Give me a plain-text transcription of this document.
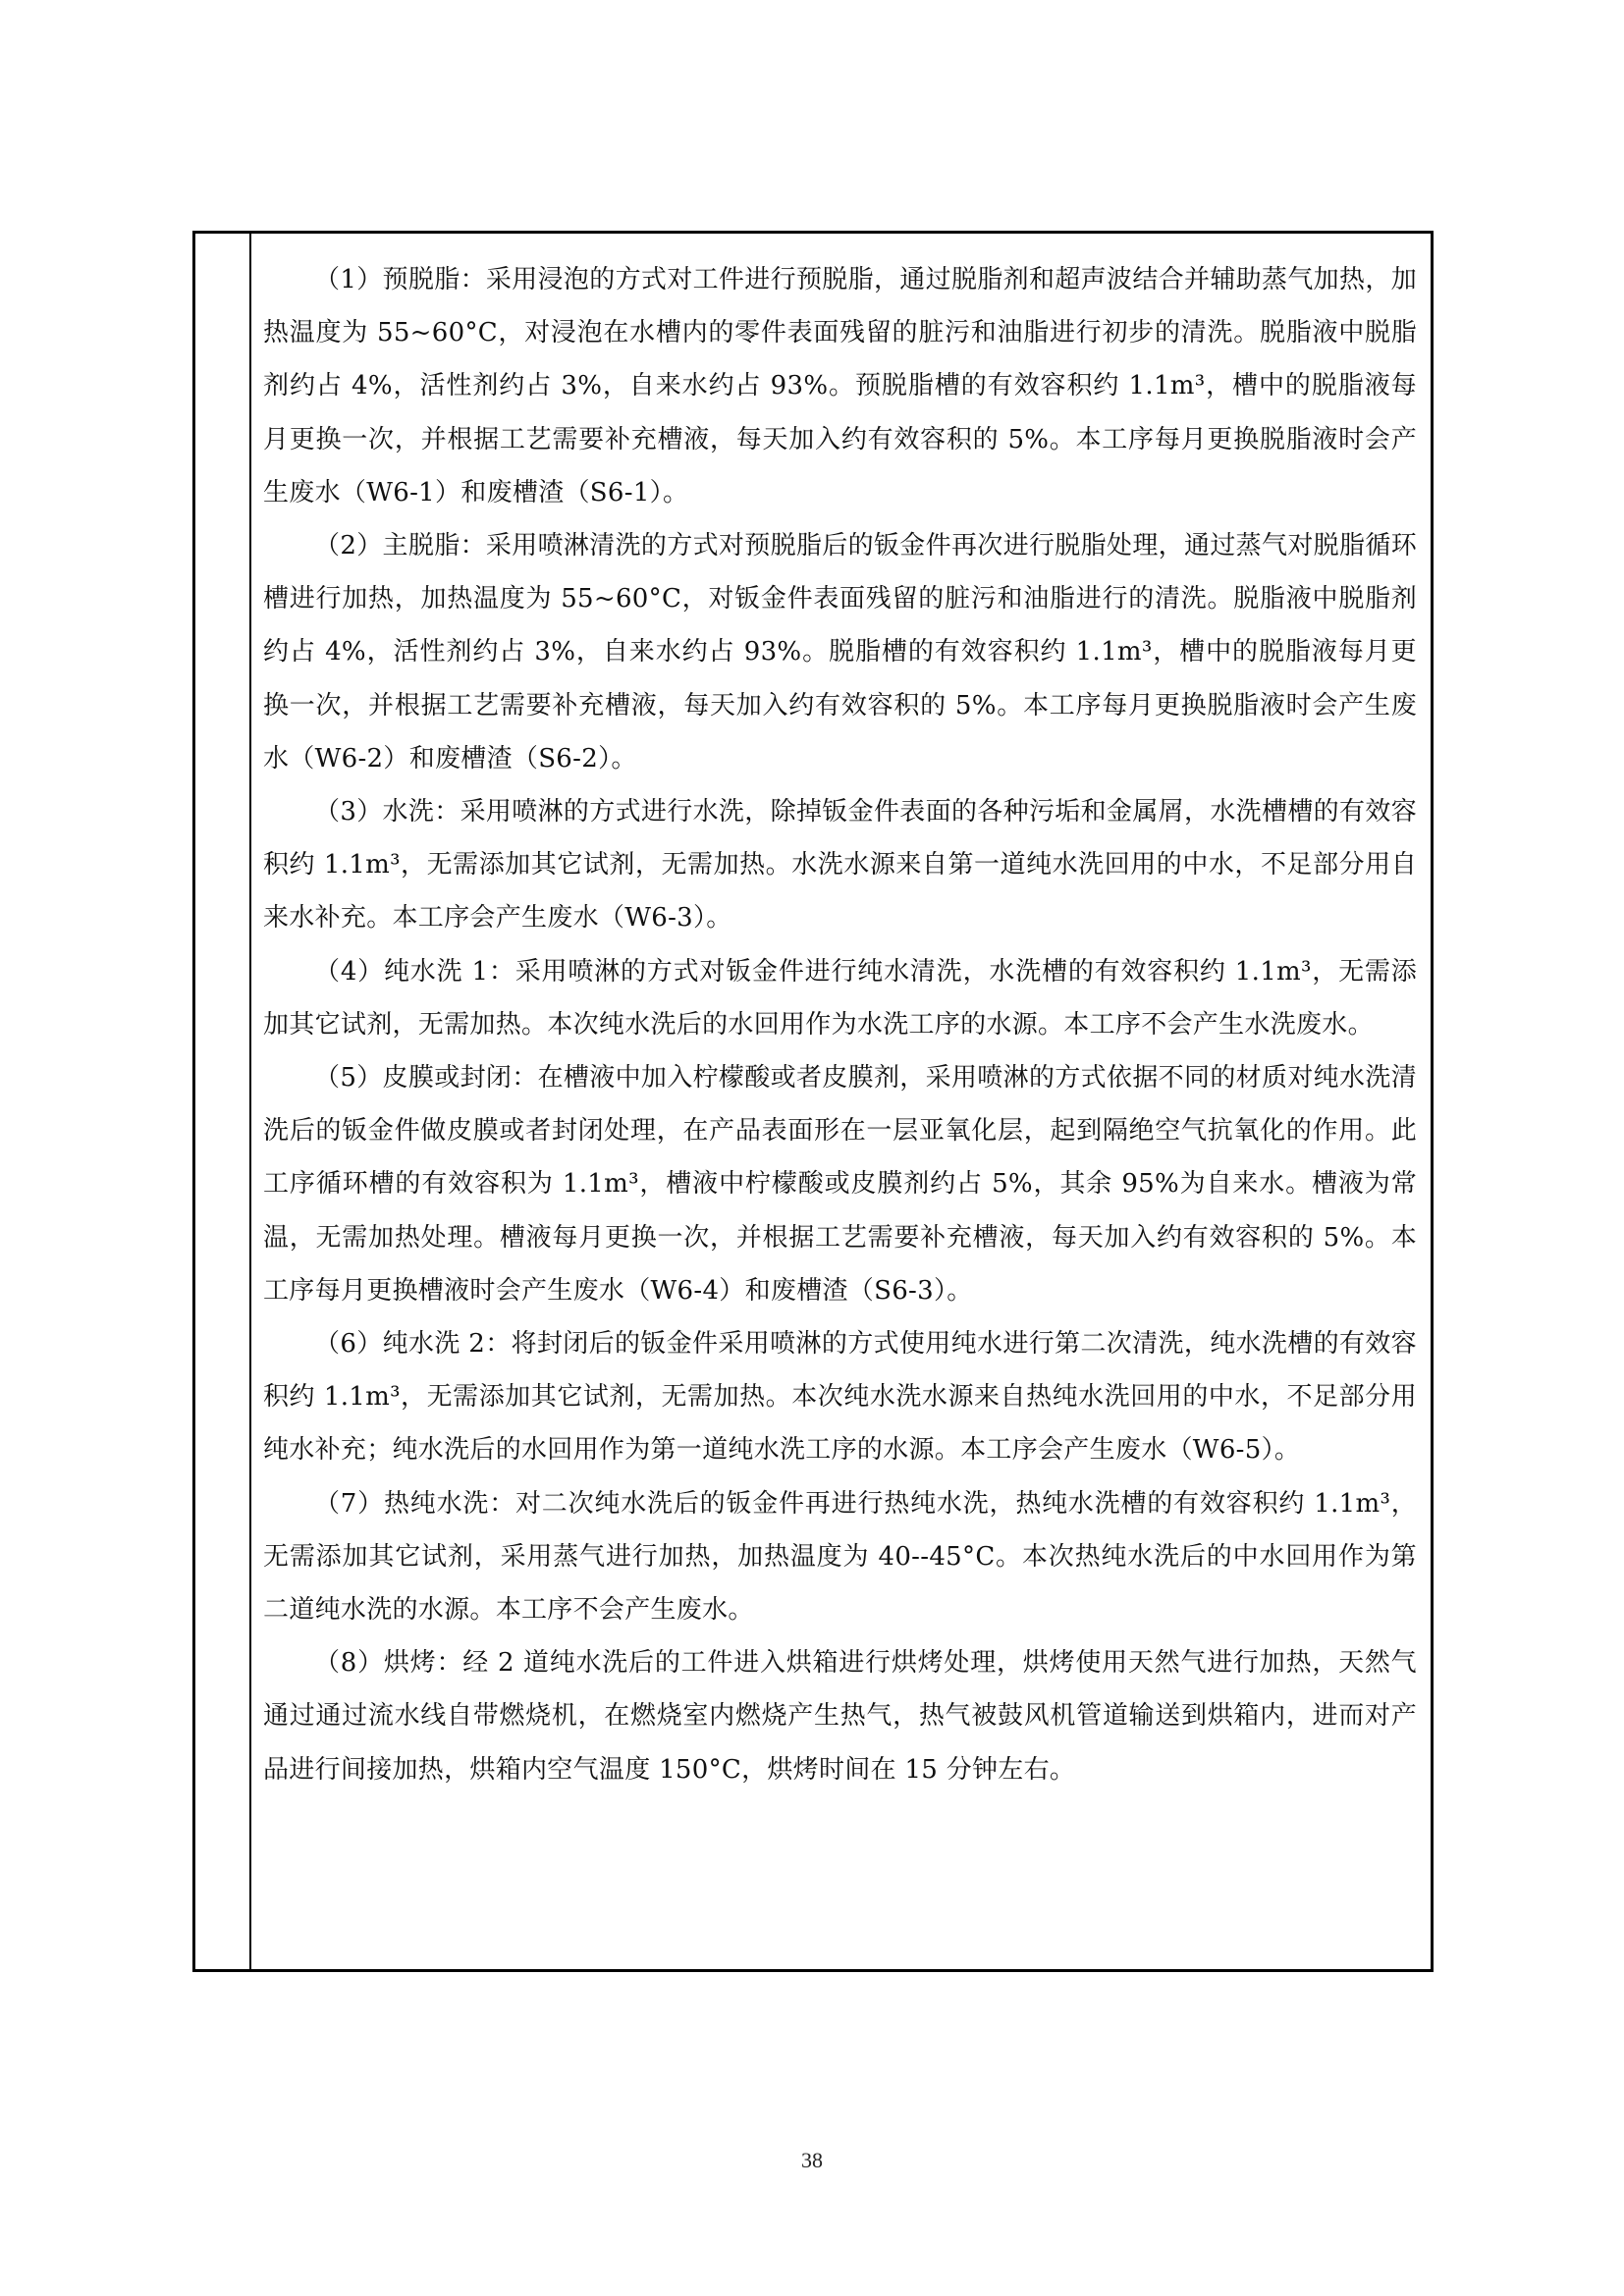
（1）预脱脂：采用浸泡的方式对工件进行预脱脂，通过脱脂剂和超声波结合并辅助蒸气加热，加热温度为 55~60°C，对浸泡在水槽内的零件表面残留的脏污和油脂进行初步的清洗。脱脂液中脱脂剂约占 4%，活性剂约占 3%，自来水约占 93%。预脱脂槽的有效容积约 1.1m³，槽中的脱脂液每月更换一次，并根据工艺需要补充槽液，每天加入约有效容积的 5%。本工序每月更换脱脂液时会产生废水（W6-1）和废槽渣（S6-1）。

（2）主脱脂：采用喷淋清洗的方式对预脱脂后的钣金件再次进行脱脂处理，通过蒸气对脱脂循环槽进行加热，加热温度为 55~60°C，对钣金件表面残留的脏污和油脂进行的清洗。脱脂液中脱脂剂约占 4%，活性剂约占 3%，自来水约占 93%。脱脂槽的有效容积约 1.1m³，槽中的脱脂液每月更换一次，并根据工艺需要补充槽液，每天加入约有效容积的 5%。本工序每月更换脱脂液时会产生废水（W6-2）和废槽渣（S6-2）。

（3）水洗：采用喷淋的方式进行水洗，除掉钣金件表面的各种污垢和金属屑，水洗槽槽的有效容积约 1.1m³，无需添加其它试剂，无需加热。水洗水源来自第一道纯水洗回用的中水，不足部分用自来水补充。本工序会产生废水（W6-3）。

（4）纯水洗 1：采用喷淋的方式对钣金件进行纯水清洗，水洗槽的有效容积约 1.1m³，无需添加其它试剂，无需加热。本次纯水洗后的水回用作为水洗工序的水源。本工序不会产生水洗废水。

（5）皮膜或封闭：在槽液中加入柠檬酸或者皮膜剂，采用喷淋的方式依据不同的材质对纯水洗清洗后的钣金件做皮膜或者封闭处理，在产品表面形在一层亚氧化层，起到隔绝空气抗氧化的作用。此工序循环槽的有效容积为 1.1m³，槽液中柠檬酸或皮膜剂约占 5%，其余 95%为自来水。槽液为常温，无需加热处理。槽液每月更换一次，并根据工艺需要补充槽液，每天加入约有效容积的 5%。本工序每月更换槽液时会产生废水（W6-4）和废槽渣（S6-3）。

（6）纯水洗 2：将封闭后的钣金件采用喷淋的方式使用纯水进行第二次清洗，纯水洗槽的有效容积约 1.1m³，无需添加其它试剂，无需加热。本次纯水洗水源来自热纯水洗回用的中水，不足部分用纯水补充；纯水洗后的水回用作为第一道纯水洗工序的水源。本工序会产生废水（W6-5）。

（7）热纯水洗：对二次纯水洗后的钣金件再进行热纯水洗，热纯水洗槽的有效容积约 1.1m³，无需添加其它试剂，采用蒸气进行加热，加热温度为 40--45°C。本次热纯水洗后的中水回用作为第二道纯水洗的水源。本工序不会产生废水。

（8）烘烤：经 2 道纯水洗后的工件进入烘箱进行烘烤处理，烘烤使用天然气进行加热，天然气通过通过流水线自带燃烧机，在燃烧室内燃烧产生热气，热气被鼓风机管道输送到烘箱内，进而对产品进行间接加热，烘箱内空气温度 150°C，烘烤时间在 15 分钟左右。

38
